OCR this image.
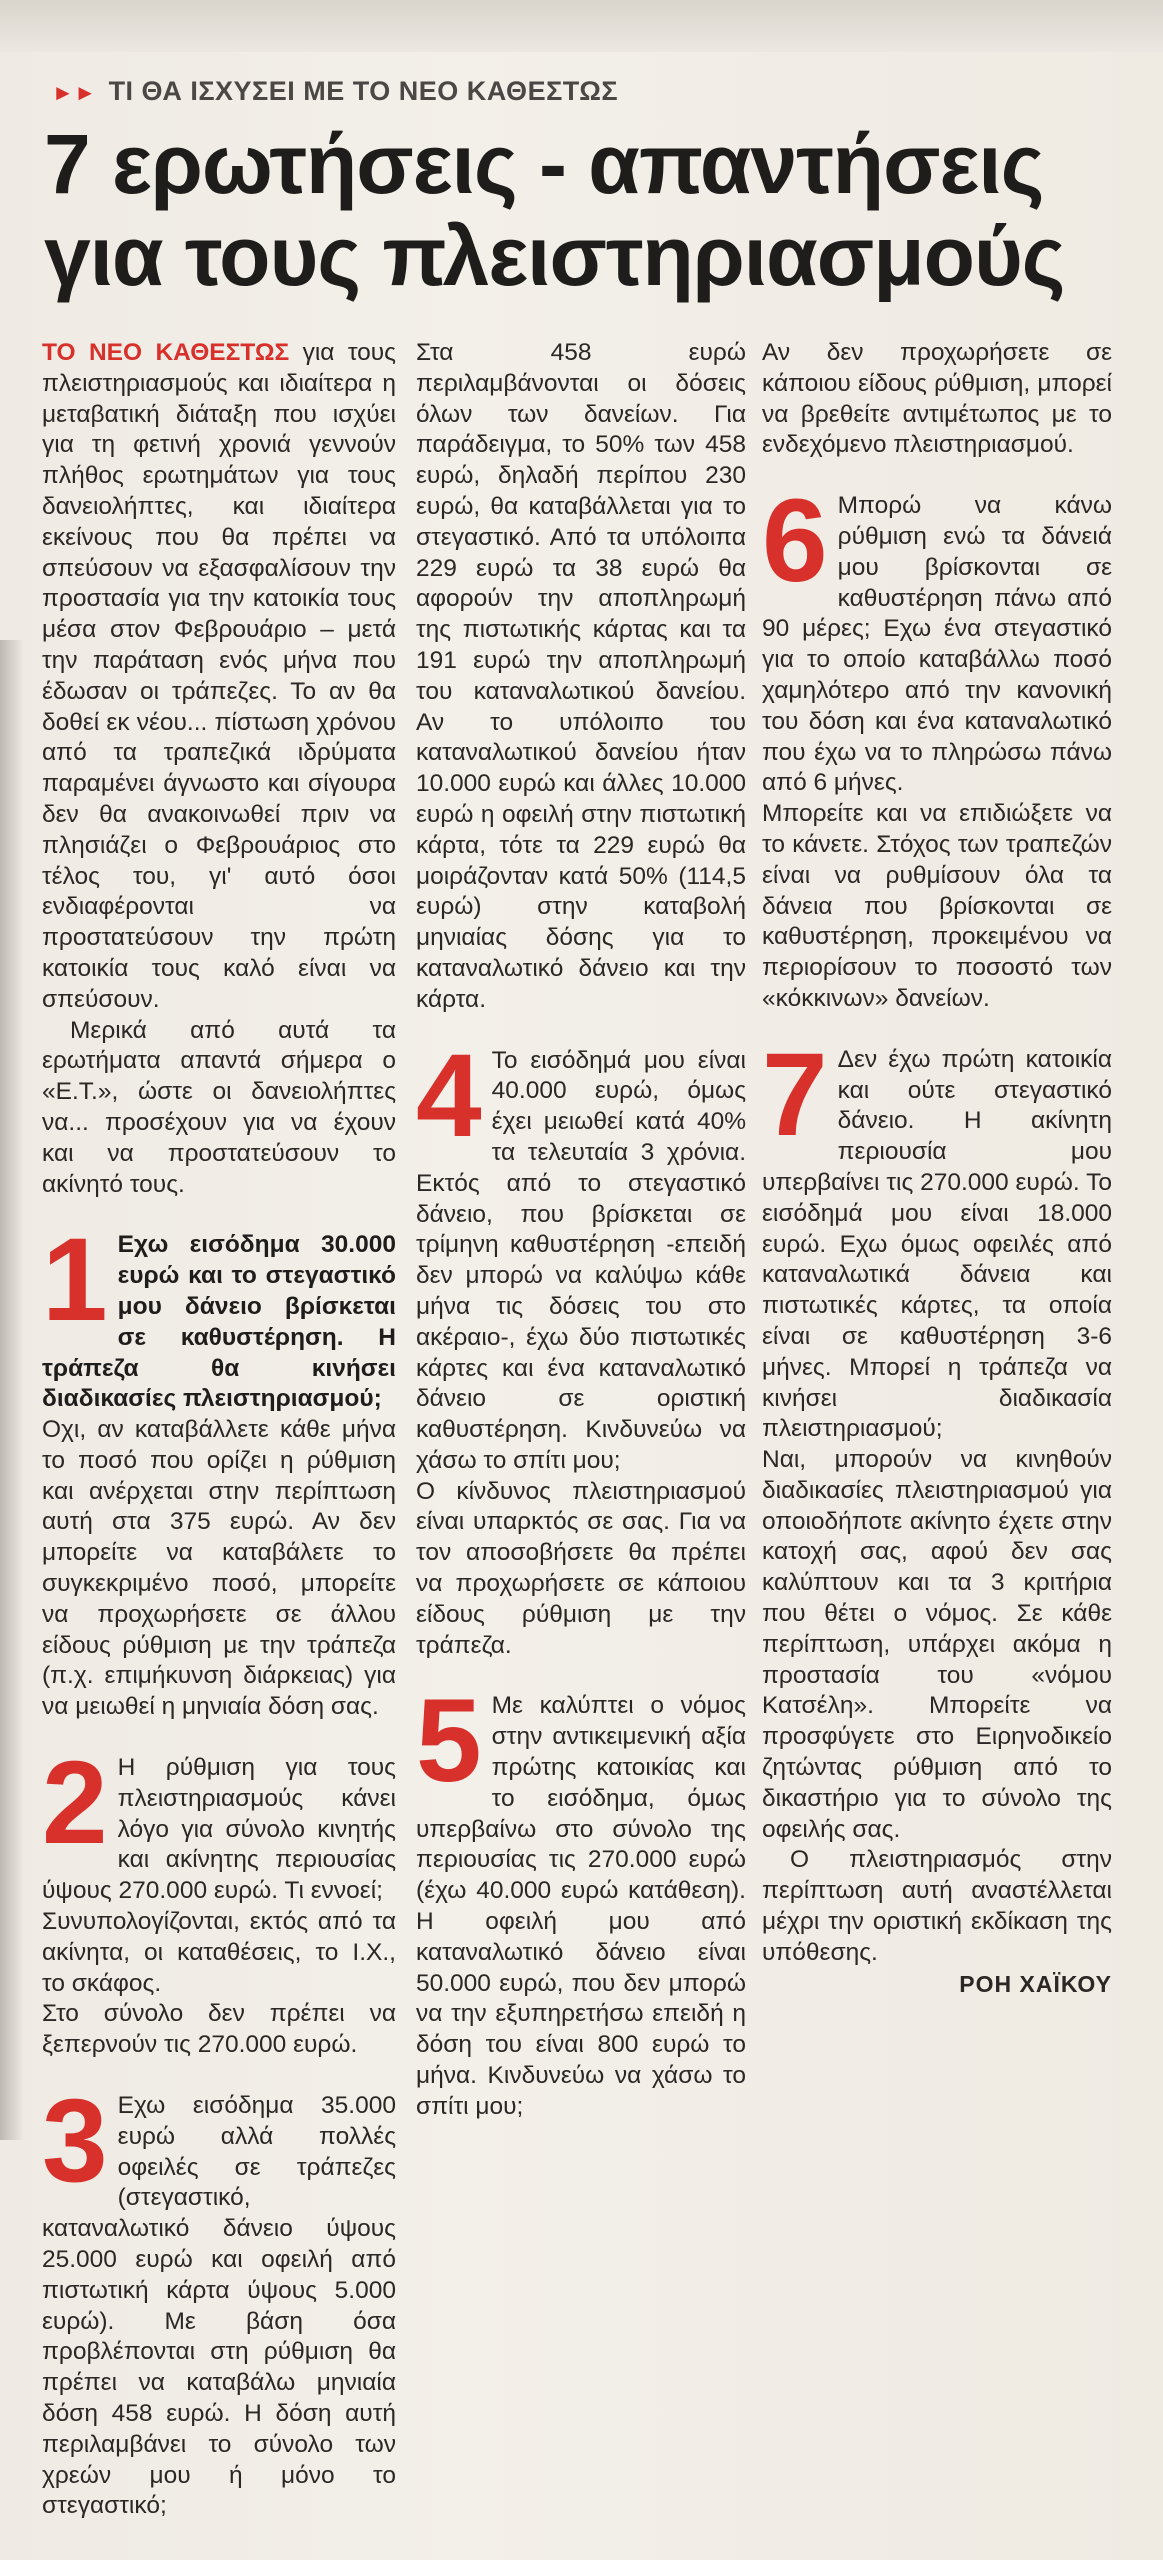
►► ΤΙ ΘΑ ΙΣΧΥΣΕΙ ΜΕ ΤΟ ΝΕΟ ΚΑΘΕΣΤΩΣ
7 ερωτήσεις - απαντήσεις
για τους πλειστηριασμούς

ΤΟ ΝΕΟ ΚΑΘΕΣΤΩΣ για τους πλειστηριασμούς και ιδιαίτερα η μεταβατική διάταξη που ισχύει για τη φετινή χρονιά γεννούν πλήθος ερωτημάτων για τους δανειολήπτες, και ιδιαίτερα εκείνους που θα πρέπει να σπεύσουν να εξασφαλίσουν την προστασία για την κατοικία τους μέσα στον Φεβρουάριο – μετά την παράταση ενός μήνα που έδωσαν οι τράπεζες. Το αν θα δοθεί εκ νέου... πίστωση χρόνου από τα τραπεζικά ιδρύματα παραμένει άγνωστο και σίγουρα δεν θα ανακοινωθεί πριν να πλησιάζει ο Φεβρουάριος στο τέλος του, γι' αυτό όσοι ενδιαφέρονται να προστατεύσουν την πρώτη κατοικία τους καλό είναι να σπεύσουν.

Μερικά από αυτά τα ερωτήματα απαντά σήμερα ο «Ε.Τ.», ώστε οι δανειολήπτες να... προσέχουν για να έχουν και να προστατεύσουν το ακίνητό τους.

1 Εχω εισόδημα 30.000 ευρώ και το στεγαστικό μου δάνειο βρίσκεται σε καθυστέρηση. Η τράπεζα θα κινήσει διαδικασίες πλειστηριασμού;

Οχι, αν καταβάλλετε κάθε μήνα το ποσό που ορίζει η ρύθμιση και ανέρχεται στην περίπτωση αυτή στα 375 ευρώ. Αν δεν μπορείτε να καταβάλετε το συγκεκριμένο ποσό, μπορείτε να προχωρήσετε σε άλλου είδους ρύθμιση με την τράπεζα (π.χ. επιμήκυνση διάρκειας) για να μειωθεί η μηνιαία δόση σας.

2 Η ρύθμιση για τους πλειστηριασμούς κάνει λόγο για σύνολο κινητής και ακίνητης περιουσίας ύψους 270.000 ευρώ. Τι εννοεί;

Συνυπολογίζονται, εκτός από τα ακίνητα, οι καταθέσεις, το Ι.Χ., το σκάφος.

Στο σύνολο δεν πρέπει να ξεπερνούν τις 270.000 ευρώ.

3 Εχω εισόδημα 35.000 ευρώ αλλά πολλές οφειλές σε τράπεζες (στεγαστικό, καταναλωτικό δάνειο ύψους 25.000 ευρώ και οφειλή από πιστωτική κάρτα ύψους 5.000 ευρώ). Με βάση όσα προβλέπονται στη ρύθμιση θα πρέπει να καταβάλω μηνιαία δόση 458 ευρώ. Η δόση αυτή περιλαμβάνει το σύνολο των χρεών μου ή μόνο το στεγαστικό;

Στα 458 ευρώ περιλαμβάνονται οι δόσεις όλων των δανείων. Για παράδειγμα, το 50% των 458 ευρώ, δηλαδή περίπου 230 ευρώ, θα καταβάλλεται για το στεγαστικό. Από τα υπόλοιπα 229 ευρώ τα 38 ευρώ θα αφορούν την αποπληρωμή της πιστωτικής κάρτας και τα 191 ευρώ την αποπληρωμή του καταναλωτικού δανείου. Αν το υπόλοιπο του καταναλωτικού δανείου ήταν 10.000 ευρώ και άλλες 10.000 ευρώ η οφειλή στην πιστωτική κάρτα, τότε τα 229 ευρώ θα μοιράζονταν κατά 50% (114,5 ευρώ) στην καταβολή μηνιαίας δόσης για το καταναλωτικό δάνειο και την κάρτα.

4 Το εισόδημά μου είναι 40.000 ευρώ, όμως έχει μειωθεί κατά 40% τα τελευταία 3 χρόνια. Εκτός από το στεγαστικό δάνειο, που βρίσκεται σε τρίμηνη καθυστέρηση -επειδή δεν μπορώ να καλύψω κάθε μήνα τις δόσεις του στο ακέραιο-, έχω δύο πιστωτικές κάρτες και ένα καταναλωτικό δάνειο σε οριστική καθυστέρηση. Κινδυνεύω να χάσω το σπίτι μου;

Ο κίνδυνος πλειστηριασμού είναι υπαρκτός σε σας. Για να τον αποσοβήσετε θα πρέπει να προχωρήσετε σε κάποιου είδους ρύθμιση με την τράπεζα.

5 Με καλύπτει ο νόμος στην αντικειμενική αξία πρώτης κατοικίας και το εισόδημα, όμως υπερβαίνω στο σύνολο της περιουσίας τις 270.000 ευρώ (έχω 40.000 ευρώ κατάθεση). Η οφειλή μου από καταναλωτικό δάνειο είναι 50.000 ευρώ, που δεν μπορώ να την εξυπηρετήσω επειδή η δόση του είναι 800 ευρώ το μήνα. Κινδυνεύω να χάσω το σπίτι μου;

Αν δεν προχωρήσετε σε κάποιου είδους ρύθμιση, μπορεί να βρεθείτε αντιμέτωπος με το ενδεχόμενο πλειστηριασμού.

6 Μπορώ να κάνω ρύθμιση ενώ τα δάνειά μου βρίσκονται σε καθυστέρηση πάνω από 90 μέρες; Εχω ένα στεγαστικό για το οποίο καταβάλλω ποσό χαμηλότερο από την κανονική του δόση και ένα καταναλωτικό που έχω να το πληρώσω πάνω από 6 μήνες.

Μπορείτε και να επιδιώξετε να το κάνετε. Στόχος των τραπεζών είναι να ρυθμίσουν όλα τα δάνεια που βρίσκονται σε καθυστέρηση, προκειμένου να περιορίσουν το ποσοστό των «κόκκινων» δανείων.

7 Δεν έχω πρώτη κατοικία και ούτε στεγαστικό δάνειο. Η ακίνητη περιουσία μου υπερβαίνει τις 270.000 ευρώ. Το εισόδημά μου είναι 18.000 ευρώ. Εχω όμως οφειλές από καταναλωτικά δάνεια και πιστωτικές κάρτες, τα οποία είναι σε καθυστέρηση 3-6 μήνες. Μπορεί η τράπεζα να κινήσει διαδικασία πλειστηριασμού;

Ναι, μπορούν να κινηθούν διαδικασίες πλειστηριασμού για οποιοδήποτε ακίνητο έχετε στην κατοχή σας, αφού δεν σας καλύπτουν και τα 3 κριτήρια που θέτει ο νόμος. Σε κάθε περίπτωση, υπάρχει ακόμα η προστασία του «νόμου Κατσέλη». Μπορείτε να προσφύγετε στο Ειρηνοδικείο ζητώντας ρύθμιση από το δικαστήριο για το σύνολο της οφειλής σας.

Ο πλειστηριασμός στην περίπτωση αυτή αναστέλλεται μέχρι την οριστική εκδίκαση της υπόθεσης.

ΡΟΗ ΧΑΪΚΟΥ
